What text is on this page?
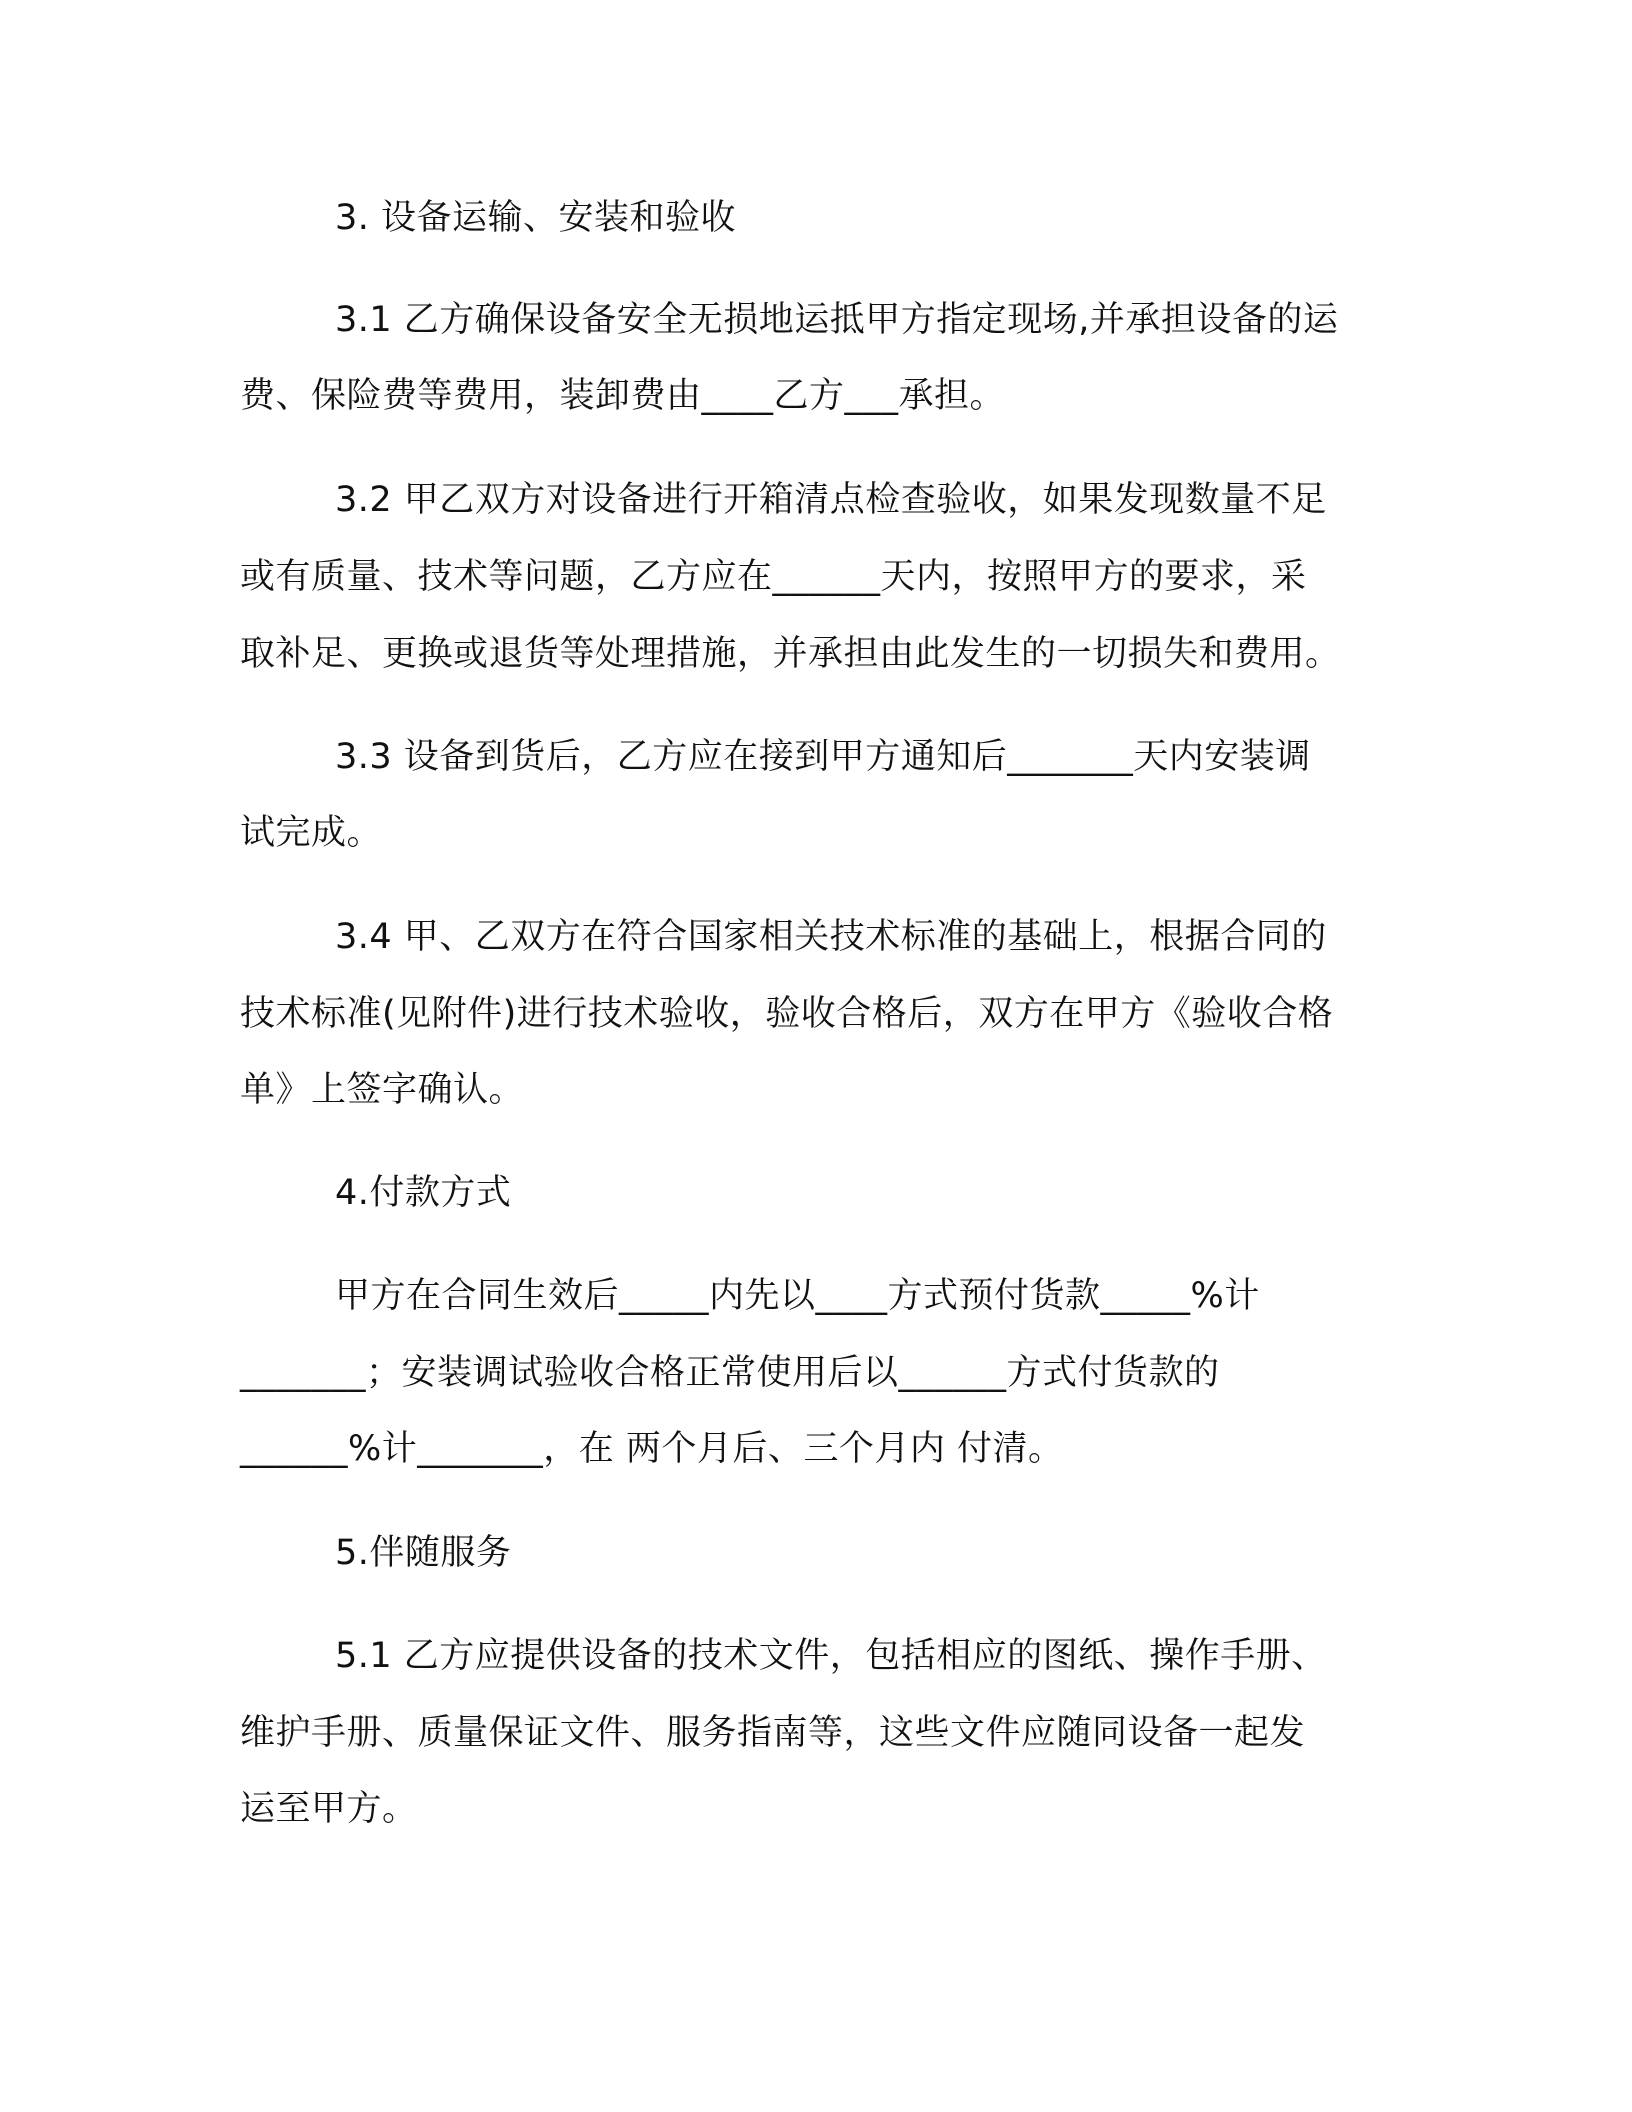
3. 设备运输、安装和验收
3.1 乙方确保设备安全无损地运抵甲方指定现场,并承担设备的运
费、保险费等费用，装卸费由____乙方___承担。
3.2 甲乙双方对设备进行开箱清点检查验收，如果发现数量不足
或有质量、技术等问题，乙方应在______天内，按照甲方的要求，采
取补足、更换或退货等处理措施，并承担由此发生的一切损失和费用。
3.3 设备到货后，乙方应在接到甲方通知后_______天内安装调
试完成。
3.4 甲、乙双方在符合国家相关技术标准的基础上，根据合同的
技术标准(见附件)进行技术验收，验收合格后，双方在甲方《验收合格
单》上签字确认。
4.付款方式
甲方在合同生效后_____内先以____方式预付货款_____%计
_______；安装调试验收合格正常使用后以______方式付货款的
______%计_______，在 两个月后、三个月内 付清。
5.伴随服务
5.1 乙方应提供设备的技术文件，包括相应的图纸、操作手册、
维护手册、质量保证文件、服务指南等，这些文件应随同设备一起发
运至甲方。
